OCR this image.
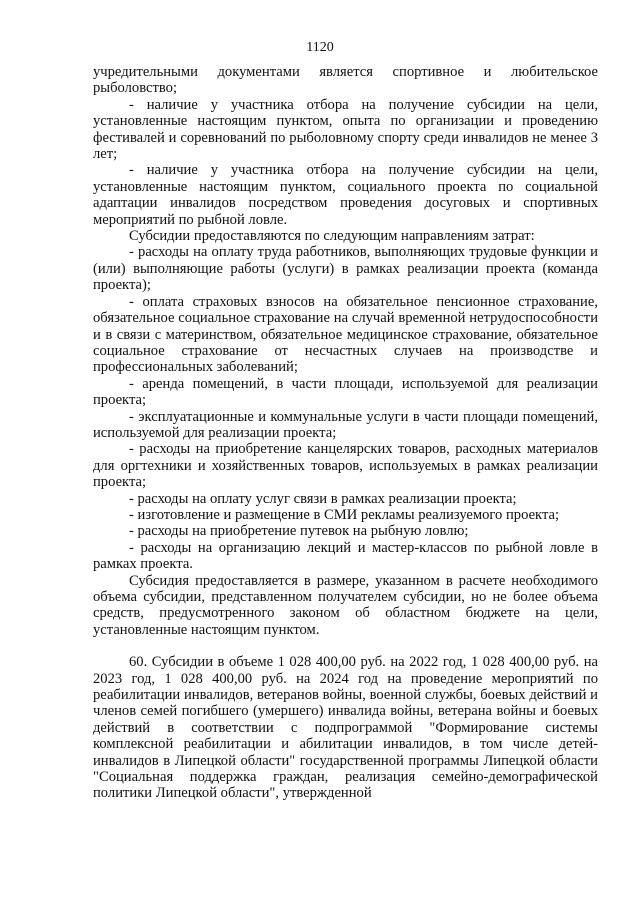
1120

учредительными документами является спортивное и любительское рыболовство;

- наличие у участника отбора на получение субсидии на цели, установленные настоящим пунктом, опыта по организации и проведению фестивалей и соревнований по рыболовному спорту среди инвалидов не менее 3 лет;

- наличие у участника отбора на получение субсидии на цели, установленные настоящим пунктом, социального проекта по социальной адаптации инвалидов посредством проведения досуговых и спортивных мероприятий по рыбной ловле.

Субсидии предоставляются по следующим направлениям затрат:

- расходы на оплату труда работников, выполняющих трудовые функции и (или) выполняющие работы (услуги) в рамках реализации проекта (команда проекта);

- оплата страховых взносов на обязательное пенсионное страхование, обязательное социальное страхование на случай временной нетрудоспособности и в связи с материнством, обязательное медицинское страхование, обязательное социальное страхование от несчастных случаев на производстве и профессиональных заболеваний;

- аренда помещений, в части площади, используемой для реализации проекта;

- эксплуатационные и коммунальные услуги в части площади помещений, используемой для реализации проекта;

- расходы на приобретение канцелярских товаров, расходных материалов для оргтехники и хозяйственных товаров, используемых в рамках реализации проекта;

- расходы на оплату услуг связи в рамках реализации проекта;

- изготовление и размещение в СМИ рекламы реализуемого проекта;

- расходы на приобретение путевок на рыбную ловлю;

- расходы на организацию лекций и мастер-классов по рыбной ловле в рамках проекта.

Субсидия предоставляется в размере, указанном в расчете необходимого объема субсидии, представленном получателем субсидии, но не более объема средств, предусмотренного законом об областном бюджете на цели, установленные настоящим пунктом.

60. Субсидии в объеме 1 028 400,00 руб. на 2022 год, 1 028 400,00 руб. на 2023 год, 1 028 400,00 руб. на 2024 год на проведение мероприятий по реабилитации инвалидов, ветеранов войны, военной службы, боевых действий и членов семей погибшего (умершего) инвалида войны, ветерана войны и боевых действий в соответствии с подпрограммой "Формирование системы комплексной реабилитации и абилитации инвалидов, в том числе детей-инвалидов в Липецкой области" государственной программы Липецкой области "Социальная поддержка граждан, реализация семейно-демографической политики Липецкой области", утвержденной
